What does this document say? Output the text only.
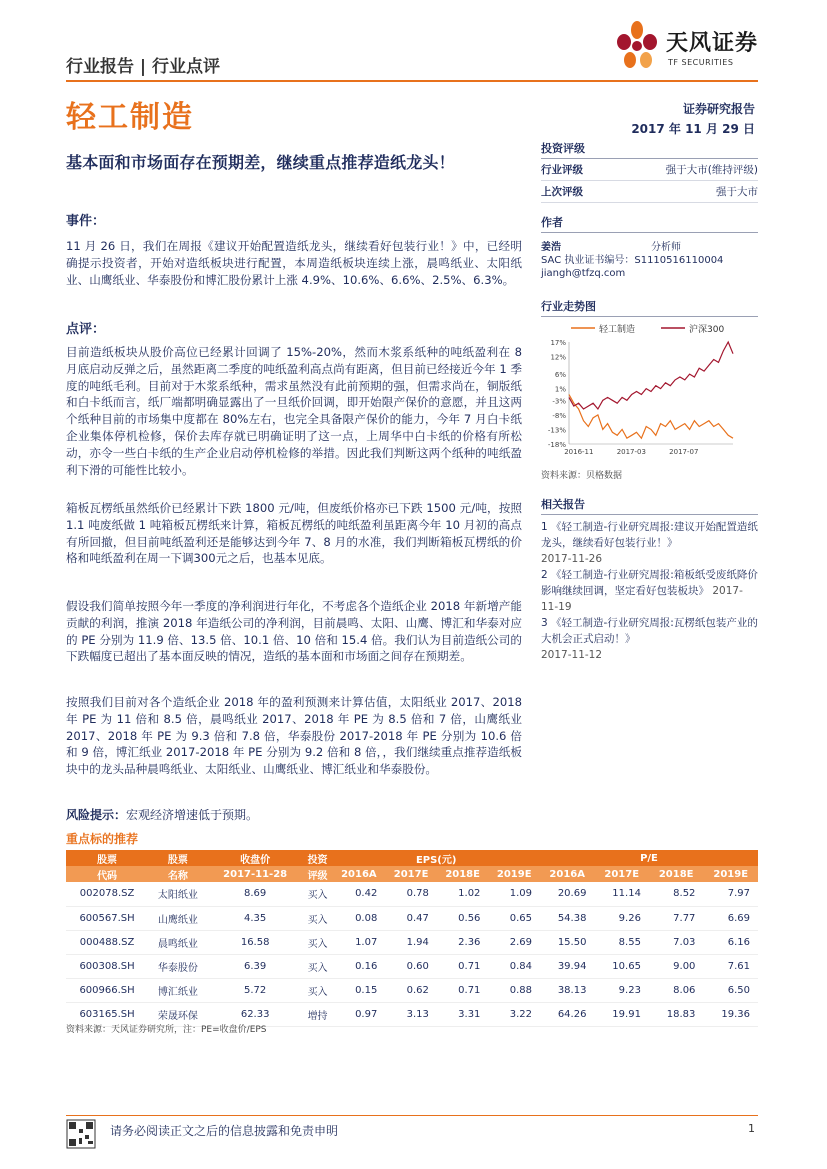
行业报告 | 行业点评
天风证券
TF SECURITIES
轻工制造	证券研究报告
2017 年 11 月 29 日
基本面和市场面存在预期差，继续重点推荐造纸龙头！
投资评级
行业评级	强于大市(维持评级)
上次评级	强于大市
作者
姜浩	分析师
SAC 执业证书编号：S1110516110004
jiangh@tfzq.com
行业走势图
轻工制造	沪深300
17%
12%
6%
1%
-3%
-8%
-13%
-18%
2016-11	2017-03	2017-07
资料来源：贝格数据
相关报告
1 《轻工制造-行业研究周报:建议开始配置造纸龙头，继续看好包装行业！》
2017-11-26
2 《轻工制造-行业研究周报:箱板纸受废纸降价影响继续回调，坚定看好包装板块》 2017-11-19
3 《轻工制造-行业研究周报:瓦楞纸包装产业的大机会正式启动！》
2017-11-12
事件：
11 月 26 日，我们在周报《建议开始配置造纸龙头，继续看好包装行业！》中，已经明确提示投资者，开始对造纸板块进行配置，本周造纸板块连续上涨，晨鸣纸业、太阳纸业、山鹰纸业、华泰股份和博汇股份累计上涨 4.9%、10.6%、6.6%、2.5%、6.3%。
点评：
目前造纸板块从股价高位已经累计回调了 15%-20%，然而木浆系纸种的吨纸盈利在 8 月底启动反弹之后，虽然距离二季度的吨纸盈利高点尚有距离，但目前已经接近今年 1 季度的吨纸毛利。目前对于木浆系纸种，需求虽然没有此前预期的强，但需求尚在，铜版纸和白卡纸而言，纸厂端都明确显露出了一旦纸价回调，即开始限产保价的意愿，并且这两个纸种目前的市场集中度都在 80%左右，也完全具备限产保价的能力，今年 7 月白卡纸企业集体停机检修，保价去库存就已明确证明了这一点，上周华中白卡纸的价格有所松动，亦令一些白卡纸的生产企业启动停机检修的举措。因此我们判断这两个纸种的吨纸盈利下滑的可能性比较小。
箱板瓦楞纸虽然纸价已经累计下跌 1800 元/吨，但废纸价格亦已下跌 1500 元/吨，按照 1.1 吨废纸做 1 吨箱板瓦楞纸来计算，箱板瓦楞纸的吨纸盈利虽距离今年 10 月初的高点有所回撤，但目前吨纸盈利还是能够达到今年 7、8 月的水准，我们判断箱板瓦楞纸的价格和吨纸盈利在周一下调300元之后，也基本见底。
假设我们简单按照今年一季度的净利润进行年化，不考虑各个造纸企业 2018 年新增产能贡献的利润，推演 2018 年造纸公司的净利润，目前晨鸣、太阳、山鹰、博汇和华泰对应的 PE 分别为 11.9 倍、13.5 倍、10.1 倍、10 倍和 15.4 倍。我们认为目前造纸公司的下跌幅度已超出了基本面反映的情况，造纸的基本面和市场面之间存在预期差。
按照我们目前对各个造纸企业 2018 年的盈利预测来计算估值，太阳纸业 2017、2018 年 PE 为 11 倍和 8.5 倍，晨鸣纸业 2017、2018 年 PE 为 8.5 倍和 7 倍，山鹰纸业 2017、2018 年 PE 为 9.3 倍和 7.8 倍，华泰股份 2017-2018 年 PE 分别为 10.6 倍和 9 倍，博汇纸业 2017-2018 年 PE 分别为 9.2 倍和 8 倍，，我们继续重点推荐造纸板块中的龙头品种晨鸣纸业、太阳纸业、山鹰纸业、博汇纸业和华泰股份。
风险提示：宏观经济增速低于预期。
重点标的推荐
股票	股票	收盘价	投资	EPS(元)				P/E			
代码	名称	2017-11-28	评级	2016A	2017E	2018E	2019E	2016A	2017E	2018E	2019E
002078.SZ	太阳纸业	8.69	买入	0.42	0.78	1.02	1.09	20.69	11.14	8.52	7.97
600567.SH	山鹰纸业	4.35	买入	0.08	0.47	0.56	0.65	54.38	9.26	7.77	6.69
000488.SZ	晨鸣纸业	16.58	买入	1.07	1.94	2.36	2.69	15.50	8.55	7.03	6.16
600308.SH	华泰股份	6.39	买入	0.16	0.60	0.71	0.84	39.94	10.65	9.00	7.61
600966.SH	博汇纸业	5.72	买入	0.15	0.62	0.71	0.88	38.13	9.23	8.06	6.50
603165.SH	荣晟环保	62.33	增持	0.97	3.13	3.31	3.22	64.26	19.91	18.83	19.36
资料来源：天风证券研究所，注：PE=收盘价/EPS
请务必阅读正文之后的信息披露和免责申明	1
